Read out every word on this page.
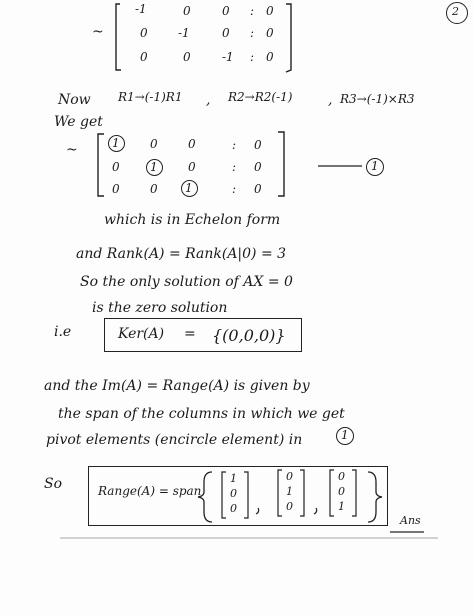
2
~
-1	0	0 : 0
0	-1	0 : 0
0	0	-1 : 0
Now R1→(-1)R1 , R2→R2(-1)	, R3→(-1)×R3
We get
~	1	0	0	: 0
0	1	0	: 0
0	0 1	: 0
1
which is in Echelon form
and Rank(A) = Rank(A|0) = 3
So the only solution of AX = 0
is the zero solution
i.e	Ker(A) = {(0,0,0)}
and the Im(A) = Range(A) is given by
the span of the columns in which we get
pivot elements (encircle element) in	1
So	Range(A) = span
1
0
0
0
1
0
0
0
1
Ans
